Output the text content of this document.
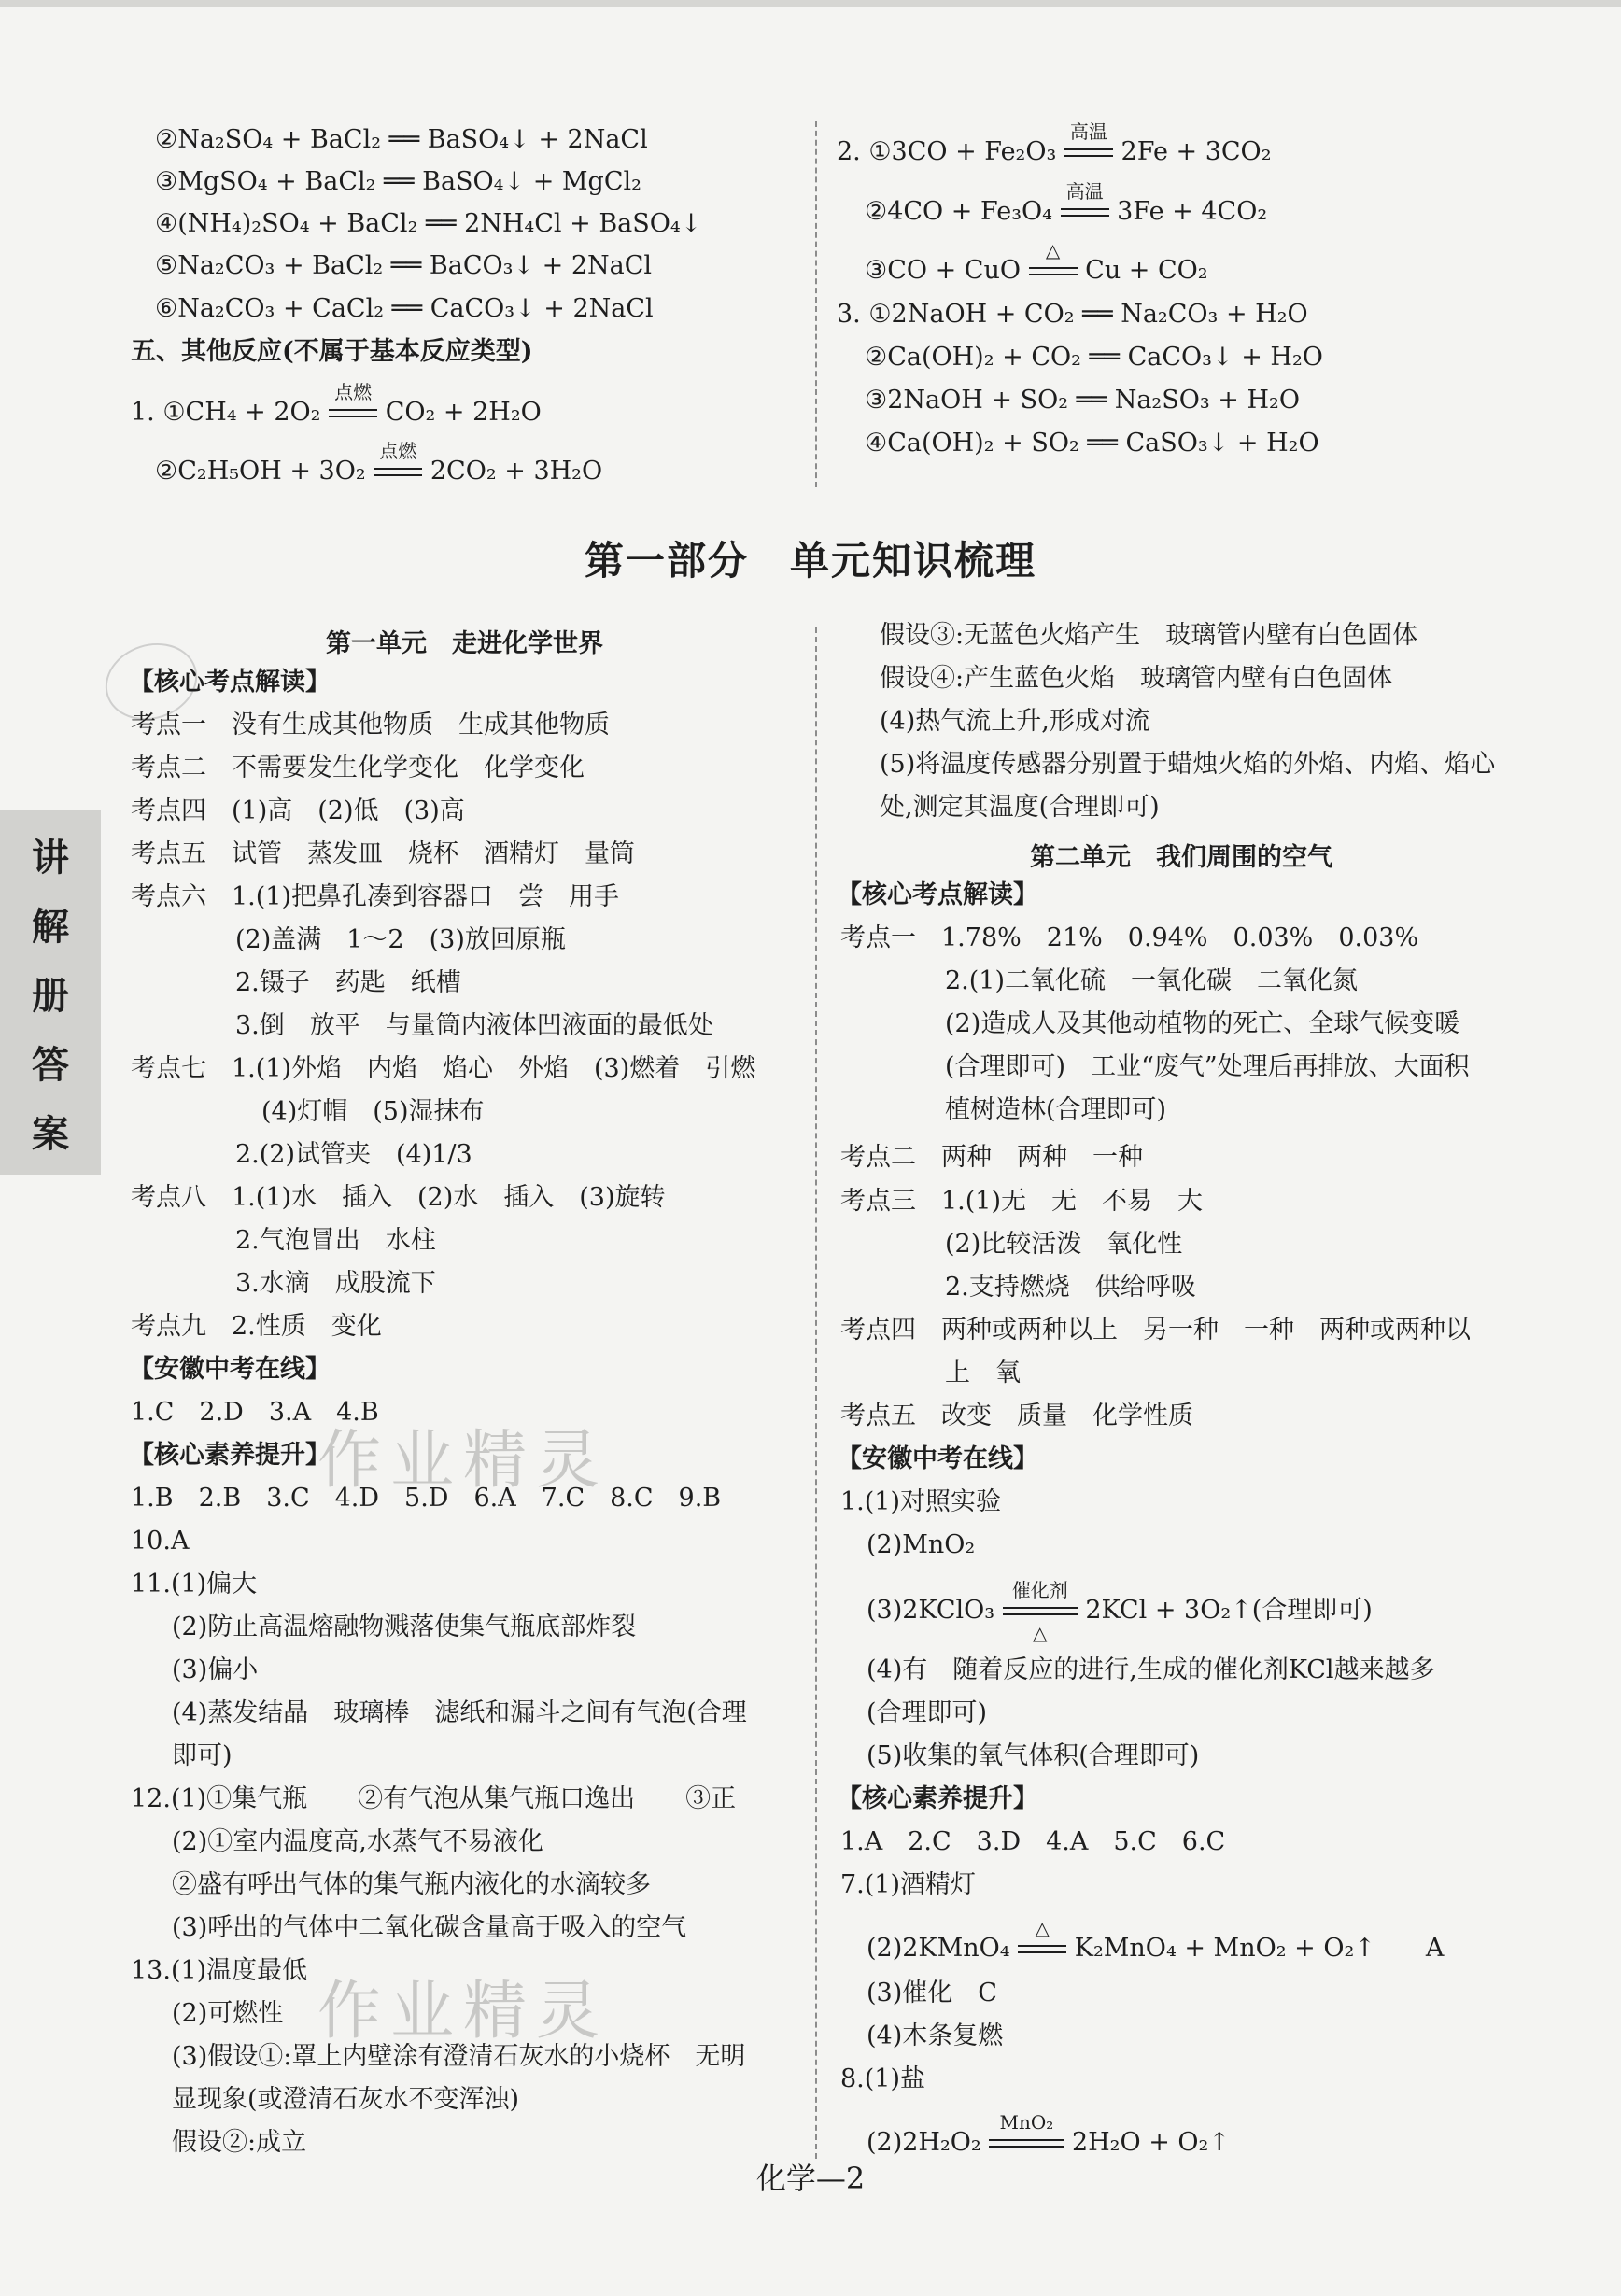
②Na₂SO₄ + BaCl₂ ══ BaSO₄↓ + 2NaCl
③MgSO₄ + BaCl₂ ══ BaSO₄↓ + MgCl₂
④(NH₄)₂SO₄ + BaCl₂ ══ 2NH₄Cl + BaSO₄↓
⑤Na₂CO₃ + BaCl₂ ══ BaCO₃↓ + 2NaCl
⑥Na₂CO₃ + CaCl₂ ══ CaCO₃↓ + 2NaCl
五、其他反应(不属于基本反应类型)
1. ①CH₄ + 2O₂
点燃
CO₂ + 2H₂O
②C₂H₅OH + 3O₂
点燃
2CO₂ + 3H₂O
2. ①3CO + Fe₂O₃
高温
2Fe + 3CO₂
②4CO + Fe₃O₄
高温
3Fe + 4CO₂
③CO + CuO
△
Cu + CO₂
3. ①2NaOH + CO₂ ══ Na₂CO₃ + H₂O
②Ca(OH)₂ + CO₂ ══ CaCO₃↓ + H₂O
③2NaOH + SO₂ ══ Na₂SO₃ + H₂O
④Ca(OH)₂ + SO₂ ══ CaSO₃↓ + H₂O
第一部分　单元知识梳理
作业精灵
作业精灵
讲
解
册
答
案
第一单元　走进化学世界
【核心考点解读】
考点一　没有生成其他物质　生成其他物质
考点二　不需要发生化学变化　化学变化
考点四　(1)高　(2)低　(3)高
考点五　试管　蒸发皿　烧杯　酒精灯　量筒
考点六　1.(1)把鼻孔凑到容器口　尝　用手
(2)盖满　1～2　(3)放回原瓶
2.镊子　药匙　纸槽
3.倒　放平　与量筒内液体凹液面的最低处
考点七　1.(1)外焰　内焰　焰心　外焰　(3)燃着　引燃
(4)灯帽　(5)湿抹布
2.(2)试管夹　(4)1/3
考点八　1.(1)水　插入　(2)水　插入　(3)旋转
2.气泡冒出　水柱
3.水滴　成股流下
考点九　2.性质　变化
【安徽中考在线】
1.C　2.D　3.A　4.B
【核心素养提升】
1.B　2.B　3.C　4.D　5.D　6.A　7.C　8.C　9.B
10.A
11.(1)偏大
(2)防止高温熔融物溅落使集气瓶底部炸裂
(3)偏小
(4)蒸发结晶　玻璃棒　滤纸和漏斗之间有气泡(合理
即可)
12.(1)①集气瓶　　②有气泡从集气瓶口逸出　　③正
(2)①室内温度高,水蒸气不易液化
②盛有呼出气体的集气瓶内液化的水滴较多
(3)呼出的气体中二氧化碳含量高于吸入的空气
13.(1)温度最低
(2)可燃性
(3)假设①:罩上内壁涂有澄清石灰水的小烧杯　无明
显现象(或澄清石灰水不变浑浊)
假设②:成立
假设③:无蓝色火焰产生　玻璃管内壁有白色固体
假设④:产生蓝色火焰　玻璃管内壁有白色固体
(4)热气流上升,形成对流
(5)将温度传感器分别置于蜡烛火焰的外焰、内焰、焰心
处,测定其温度(合理即可)
第二单元　我们周围的空气
【核心考点解读】
考点一　1.78%　21%　0.94%　0.03%　0.03%
2.(1)二氧化硫　一氧化碳　二氧化氮
(2)造成人及其他动植物的死亡、全球气候变暖
(合理即可)　工业“废气”处理后再排放、大面积
植树造林(合理即可)
考点二　两种　两种　一种
考点三　1.(1)无　无　不易　大
(2)比较活泼　氧化性
2.支持燃烧　供给呼吸
考点四　两种或两种以上　另一种　一种　两种或两种以
上　氧
考点五　改变　质量　化学性质
【安徽中考在线】
1.(1)对照实验
(2)MnO₂
(3)2KClO₃
催化剂
△
2KCl + 3O₂↑(合理即可)
(4)有　随着反应的进行,生成的催化剂KCl越来越多
(合理即可)
(5)收集的氧气体积(合理即可)
【核心素养提升】
1.A　2.C　3.D　4.A　5.C　6.C
7.(1)酒精灯
(2)2KMnO₄
△
K₂MnO₄ + MnO₂ + O₂↑　　A
(3)催化　C
(4)木条复燃
8.(1)盐
(2)2H₂O₂
MnO₂
2H₂O + O₂↑
化学—2
